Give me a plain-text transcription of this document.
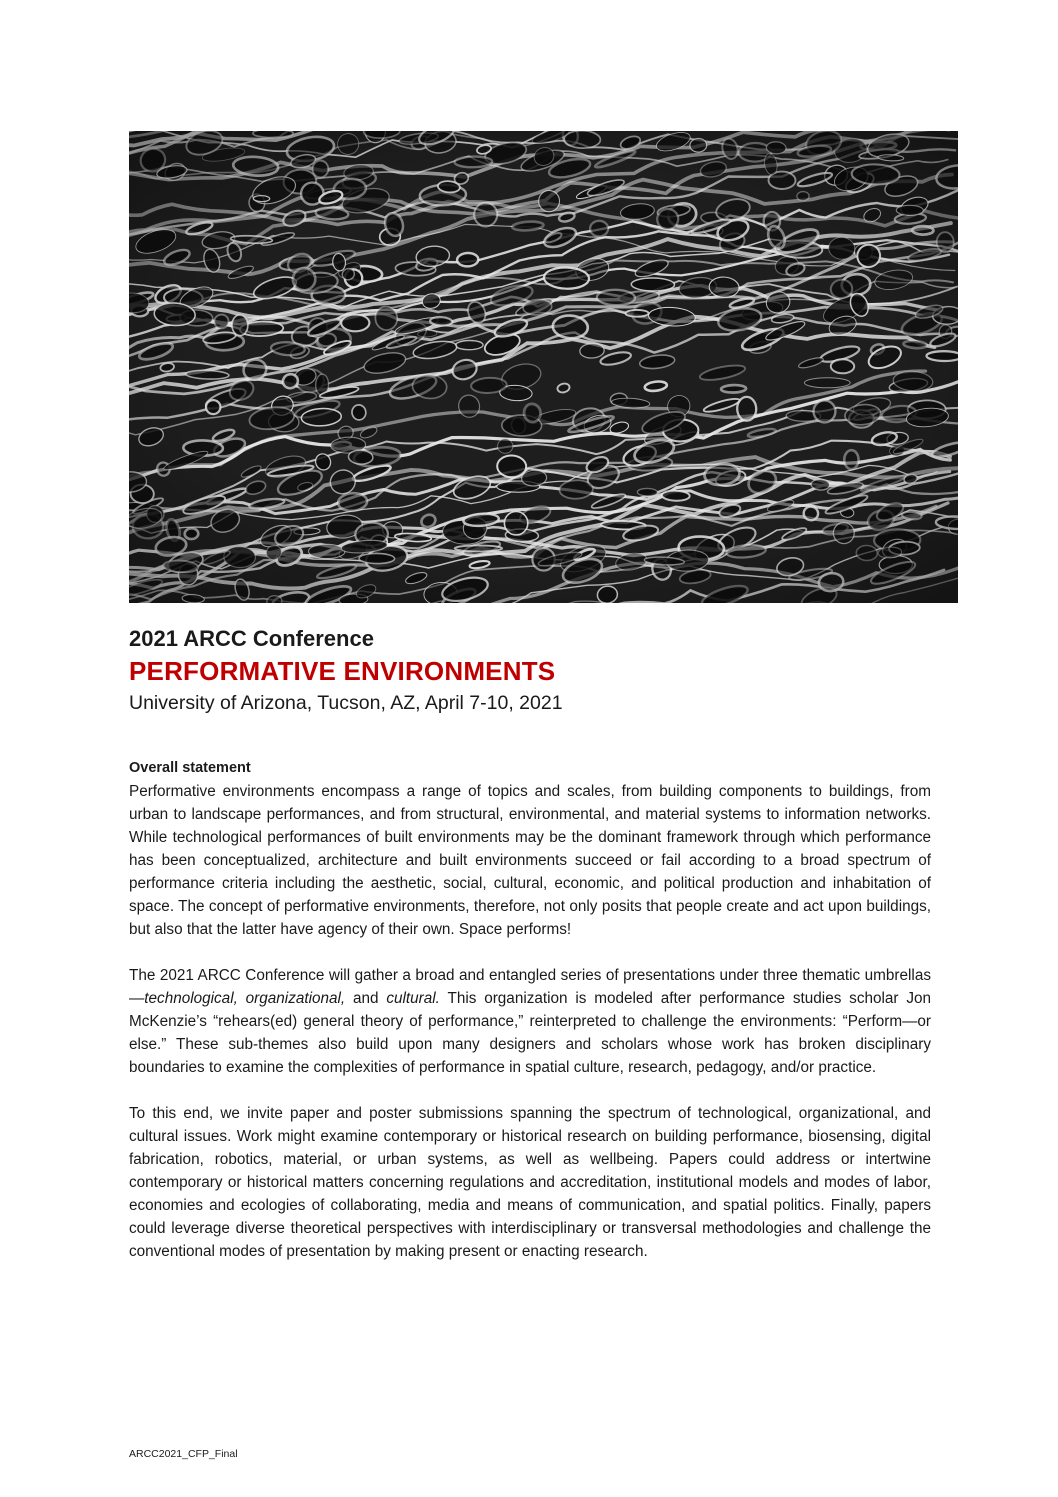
2021 ARCC Conference

PERFORMATIVE ENVIRONMENTS

University of Arizona, Tucson, AZ, April 7-10, 2021

Overall statement

Performative environments encompass a range of topics and scales, from building components to buildings, from urban to landscape performances, and from structural, environmental, and material systems to information networks. While technological performances of built environments may be the dominant framework through which performance has been conceptualized, architecture and built environments succeed or fail according to a broad spectrum of performance criteria including the aesthetic, social, cultural, economic, and political production and inhabitation of space. The concept of performative environments, therefore, not only posits that people create and act upon buildings, but also that the latter have agency of their own. Space performs!

The 2021 ARCC Conference will gather a broad and entangled series of presentations under three thematic umbrellas—technological, organizational, and cultural. This organization is modeled after performance studies scholar Jon McKenzie’s “rehears(ed) general theory of performance,” reinterpreted to challenge the environments: “Perform—or else.” These sub-themes also build upon many designers and scholars whose work has broken disciplinary boundaries to examine the complexities of performance in spatial culture, research, pedagogy, and/or practice.

To this end, we invite paper and poster submissions spanning the spectrum of technological, organizational, and cultural issues. Work might examine contemporary or historical research on building performance, biosensing, digital fabrication, robotics, material, or urban systems, as well as wellbeing. Papers could address or intertwine contemporary or historical matters concerning regulations and accreditation, institutional models and modes of labor, economies and ecologies of collaborating, media and means of communication, and spatial politics. Finally, papers could leverage diverse theoretical perspectives with interdisciplinary or transversal methodologies and challenge the conventional modes of presentation by making present or enacting research.

ARCC2021_CFP_Final
